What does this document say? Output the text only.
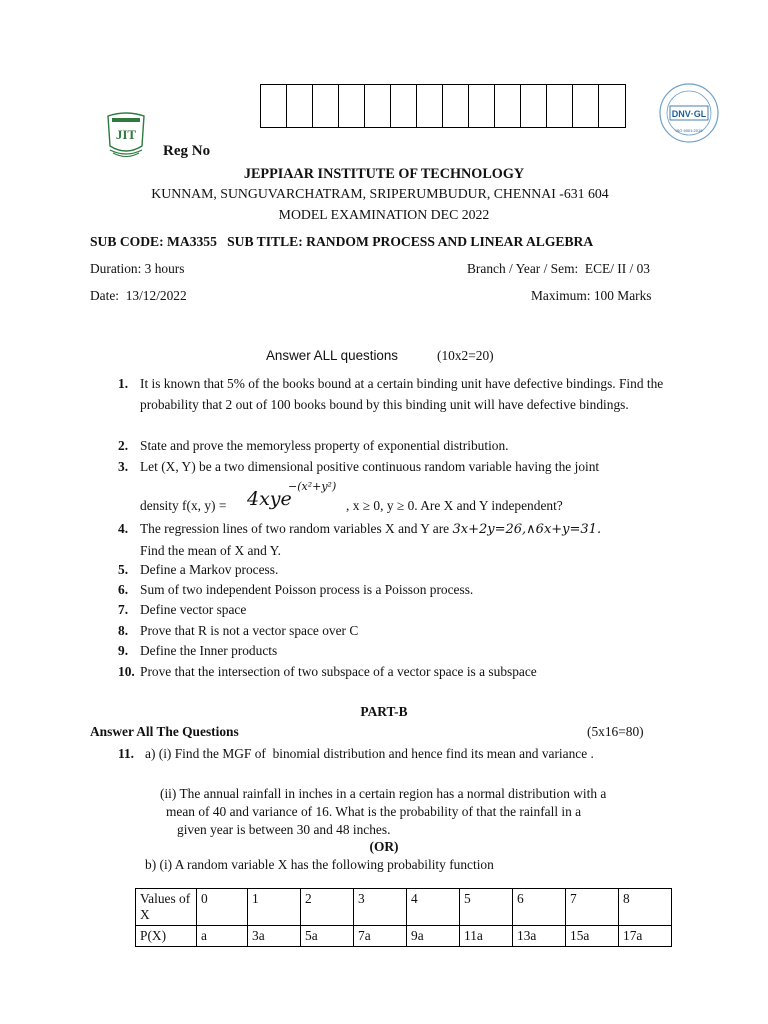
JIT
Reg No
DNV·GL
ISO 9001:2015
JEPPIAAR INSTITUTE OF TECHNOLOGY
KUNNAM, SUNGUVARCHATRAM, SRIPERUMBUDUR, CHENNAI -631 604
MODEL EXAMINATION DEC 2022
SUB CODE: MA3355   SUB TITLE: RANDOM PROCESS AND LINEAR ALGEBRA
Duration: 3 hours	Branch / Year / Sem:  ECE/ II / 03
Date:  13/12/2022	Maximum: 100 Marks
Answer ALL questions	(10x2=20)
1. It is known that 5% of the books bound at a certain binding unit have defective bindings. Find the probability that 2 out of 100 books bound by this binding unit will have defective bindings.
2. State and prove the memoryless property of exponential distribution.
3. Let (X, Y) be a two dimensional positive continuous random variable having the joint
density f(x, y) = 4xye
−(x²+y²)
, x ≥ 0, y ≥ 0. Are X and Y independent?
4. The regression lines of two random variables X and Y are 3x+2y=26,∧6x+y=31.
Find the mean of X and Y.
5. Define a Markov process.
6. Sum of two independent Poisson process is a Poisson process.
7. Define vector space
8. Prove that R is not a vector space over C
9. Define the Inner products
10. Prove that the intersection of two subspace of a vector space is a subspace
PART-B
Answer All The Questions	(5x16=80)
11. a) (i) Find the MGF of  binomial distribution and hence find its mean and variance .
(ii) The annual rainfall in inches in a certain region has a normal distribution with a
mean of 40 and variance of 16. What is the probability of that the rainfall in a
given year is between 30 and 48 inches.
(OR)
b) (i) A random variable X has the following probability function
Values of X	0	1	2	3	4	5	6	7	8
P(X)	a	3a	5a	7a	9a	11a	13a	15a	17a
